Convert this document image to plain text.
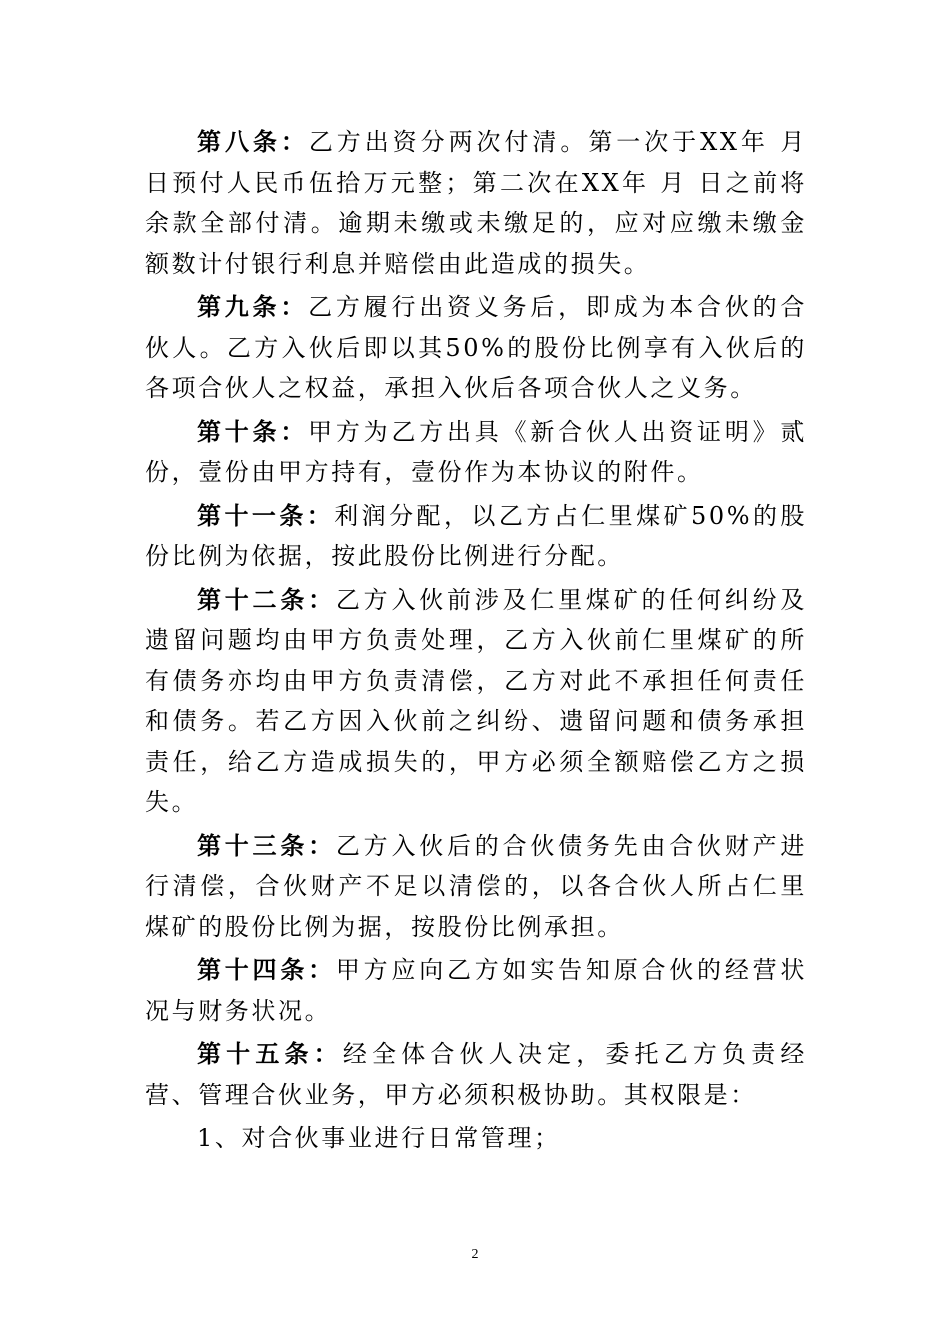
第八条：乙方出资分两次付清。第一次于XX年 月 日预付人民币伍拾万元整；第二次在XX年 月 日之前将余款全部付清。逾期未缴或未缴足的，应对应缴未缴金额数计付银行利息并赔偿由此造成的损失。

第九条：乙方履行出资义务后，即成为本合伙的合伙人。乙方入伙后即以其50%的股份比例享有入伙后的各项合伙人之权益，承担入伙后各项合伙人之义务。

第十条：甲方为乙方出具《新合伙人出资证明》贰份，壹份由甲方持有，壹份作为本协议的附件。

第十一条：利润分配，以乙方占仁里煤矿50%的股份比例为依据，按此股份比例进行分配。

第十二条：乙方入伙前涉及仁里煤矿的任何纠纷及遗留问题均由甲方负责处理，乙方入伙前仁里煤矿的所有债务亦均由甲方负责清偿，乙方对此不承担任何责任和债务。若乙方因入伙前之纠纷、遗留问题和债务承担责任，给乙方造成损失的，甲方必须全额赔偿乙方之损失。

第十三条：乙方入伙后的合伙债务先由合伙财产进行清偿，合伙财产不足以清偿的，以各合伙人所占仁里煤矿的股份比例为据，按股份比例承担。

第十四条：甲方应向乙方如实告知原合伙的经营状况与财务状况。

第十五条：经全体合伙人决定，委托乙方负责经营、管理合伙业务，甲方必须积极协助。其权限是：

1、对合伙事业进行日常管理；

2
